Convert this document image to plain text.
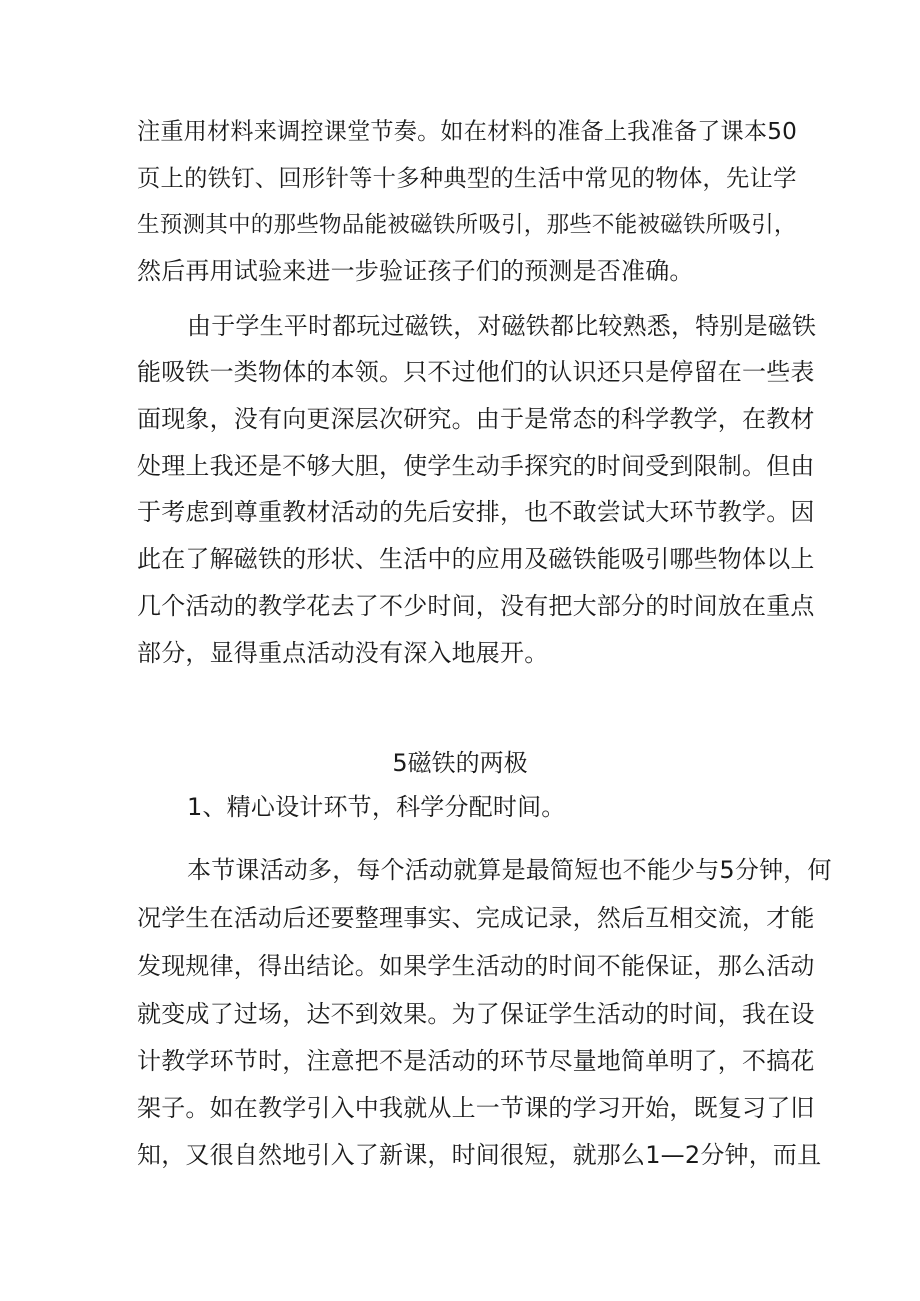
注重用材料来调控课堂节奏。如在材料的准备上我准备了课本50
页上的铁钉、回形针等十多种典型的生活中常见的物体，先让学
生预测其中的那些物品能被磁铁所吸引，那些不能被磁铁所吸引，
然后再用试验来进一步验证孩子们的预测是否准确。
由于学生平时都玩过磁铁，对磁铁都比较熟悉，特别是磁铁
能吸铁一类物体的本领。只不过他们的认识还只是停留在一些表
面现象，没有向更深层次研究。由于是常态的科学教学，在教材
处理上我还是不够大胆，使学生动手探究的时间受到限制。但由
于考虑到尊重教材活动的先后安排，也不敢尝试大环节教学。因
此在了解磁铁的形状、生活中的应用及磁铁能吸引哪些物体以上
几个活动的教学花去了不少时间，没有把大部分的时间放在重点
部分，显得重点活动没有深入地展开。
5磁铁的两极
1、精心设计环节，科学分配时间。
本节课活动多，每个活动就算是最简短也不能少与5分钟，何
况学生在活动后还要整理事实、完成记录，然后互相交流，才能
发现规律，得出结论。如果学生活动的时间不能保证，那么活动
就变成了过场，达不到效果。为了保证学生活动的时间，我在设
计教学环节时，注意把不是活动的环节尽量地简单明了，不搞花
架子。如在教学引入中我就从上一节课的学习开始，既复习了旧
知，又很自然地引入了新课，时间很短，就那么1—2分钟，而且
